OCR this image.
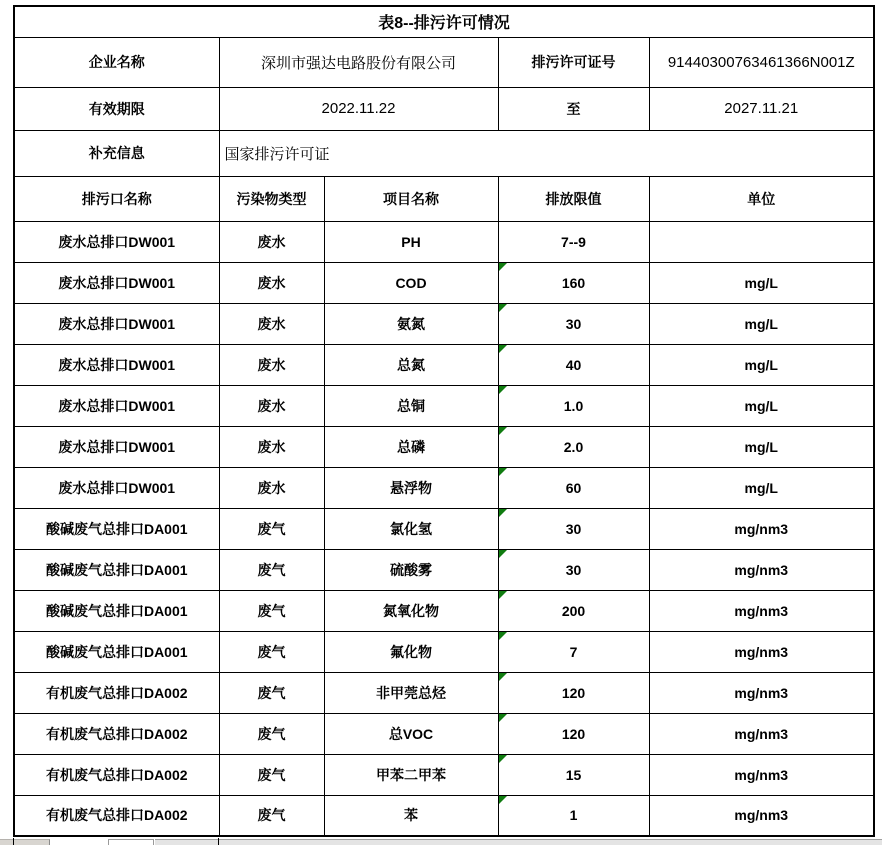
表8--排污许可情况				
企业名称	深圳市强达电路股份有限公司		排污许可证号	91440300763461366N001Z
有效期限	2022.11.22		至	2027.11.21
补充信息	国家排污许可证			
排污口名称	污染物类型	项目名称	排放限值	单位
废水总排口DW001	废水	PH	7--9	
废水总排口DW001	废水	COD	160	mg/L
废水总排口DW001	废水	氨氮	30	mg/L
废水总排口DW001	废水	总氮	40	mg/L
废水总排口DW001	废水	总铜	1.0	mg/L
废水总排口DW001	废水	总磷	2.0	mg/L
废水总排口DW001	废水	悬浮物	60	mg/L
酸碱废气总排口DA001	废气	氯化氢	30	mg/nm3
酸碱废气总排口DA001	废气	硫酸雾	30	mg/nm3
酸碱废气总排口DA001	废气	氮氧化物	200	mg/nm3
酸碱废气总排口DA001	废气	氟化物	7	mg/nm3
有机废气总排口DA002	废气	非甲莞总烃	120	mg/nm3
有机废气总排口DA002	废气	总VOC	120	mg/nm3
有机废气总排口DA002	废气	甲苯二甲苯	15	mg/nm3
有机废气总排口DA002	废气	苯	1	mg/nm3
